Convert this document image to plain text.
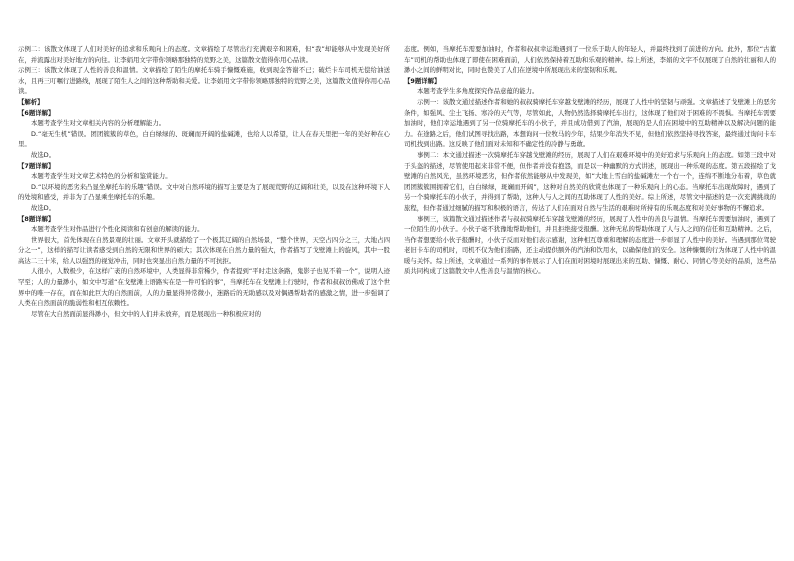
示例二：该散文体现了人们对美好的追求和乐观向上的态度。文章描绘了尽管出行充满艰辛和困难，但“我”却能够从中发现美好所在，并流露出对美好地方的向往。让李娟用文字带你领略那独特的荒野之美，这篇散文值得你用心品读。

示例三：该散文体现了人性的善良和温情。文章描绘了陌生的摩托车骑手慷慨难施，收到现金答谢不已；破烂卡车司机无偿给油送水，且再三叮嘱行进路线，展现了陌生人之间的这种帮助和关爱。让李娟用文字带你领略那独特的荒野之美，这篇散文值得你用心品读。

【解析】

【6题详解】

本题考查学生对文章相关内容的分析理解能力。

D.“毫无生机”错误。团团簇簇的草色，白白绿绿的、斑斓而开阔的盐碱滩，也给人以希望，让人在春天里把一年的美好种在心里。

故选D。

【7题详解】

本题考查学生对文章艺术特色的分析和鉴赏能力。

D.“以环境的恶劣来凸显坐摩托车的乐趣”错误。文中对自然环境的描写主要是为了展现荒野的辽阔和壮美，以及在这种环境下人的处境和感受，并非为了凸显乘坐摩托车的乐趣。

故选D。

【8题详解】

本题考查学生对作品进行个性化阅读和有创意的解读的能力。

世界很大，首先体现在自然景观的壮丽。文章开头就描绘了一个极其辽阔的自然场景，“整个世界，天空占四分之三，大地占四分之一”，这样的描写让读者感受到自然的无限和世界的硕大；其次体现在自然力量的强大，作者描写了戈壁滩上的旋风，其中一股高达二三十米，给人以强烈的视觉冲击，同时也突显出自然力量的不可抗拒。

人很小，人数极少，在这样广袤的自然环境中，人类显得非常稀少，作者提到“平时走这条路，鬼影子也见不着一个”，说明人迹罕至；人的力量渺小，如文中写道“在戈壁滩上语路实在是一件可怕的事”，当摩托车在戈壁滩上行驶时，作者和叔叔彷佛成了这个世界中的唯一存在，而在如此巨大的自然面前，人的力量显得异常微小，迷路后的无助感以及对偶遇帮助者的感激之情，进一步强调了人类在自然面前的脆弱性和相互依赖性。

尽管在大自然面前显得渺小，但文中的人们并未放弃，而是展现出一种积极应对的

态度。例如，当摩托车需要加油时，作者和叔叔幸运地遇到了一位乐于助人的年轻人，并最终找到了前进的方向。此外，那位“古董车”司机的帮助也体现了即使在困难面前，人们依然保持着互助和乐观的精神。综上所述，李娟的文字不仅展现了自然的壮丽和人的渺小之间的鲜明对比，同时也赞美了人们在逆境中所展现出来的坚韧和乐观。

【9题详解】

本题考查学生多角度探究作品意蕴的能力。

示例一：该散文通过描述作者和她的叔叔骑摩托车穿越戈壁滩的经历，展现了人性中的坚韧与顽强。文章描述了戈壁滩上的恶劣条件，如强风、尘土飞扬、寒冷的天气等，尽管如此，人物仍然选择骑摩托车出行，这体现了他们对于困难的不畏惧。当摩托车需要加油时，他们幸运地遇到了另一位骑摩托车的小伙子，并且成功借到了汽油，展现的是人们在困境中的互助精神以及解决问题的能力。在途路之后，他们试图寻找出路，本想询问一位牧马的少年，结果少年消失不见，但他们依然坚持寻找答案，最终通过询问卡车司机找到出路。这反映了他们面对未知和不确定性的冷静与勇敢。

事例二：本文通过描述一次骑摩托车穿越戈壁滩的经历，展现了人们在艰难环境中的美好追求与乐观向上的态度。如第三段中对于头盔的描述，尽管使用起来非常不便，但作者并没有抱怨，而是以一种幽默的方式讲述，展现出一种乐观的态度。第五段描绘了戈壁滩的自然风光，虽然环境恶劣，但作者依然能够从中发现美，如“大地上雪白的盐碱滩左一个右一个，连绵不断地分布着，草色就团团簇簇围拥着它们，白白绿绿，斑斓而开阔”，这种对自然美的欣赏也体现了一种乐观向上的心态。当摩托车出现故障时，遇到了另一个骑摩托车的小伙子，并得到了帮助，这种人与人之间的互助体现了人性的美好。综上所述，尽管文中描述的是一次充满挑战的旅程，但作者通过细腻的描写和积极的语言，传达了人们在面对自然与生活的艰难时所持有的乐观态度和对美好事物的不懈追求。

事例三，该篇散文通过描述作者与叔叔骑摩托车穿越戈壁滩的经历，展现了人性中的善良与温情。当摩托车需要加油时，遇到了一位陌生的小伙子。小伙子毫不犹豫地帮助他们，并且拒绝接受报酬。这种无私的帮助体现了人与人之间的信任和互助精神。之后，当作者想要给小伙子报酬时，小伙子反而对他们表示感谢，这种相互尊重和理解的态度进一步彰显了人性中的美好。当遇到那位驾驶老旧卡车的司机时，司机不仅为他们指路，还主动提供额外的汽油和饮用水，以确保他们的安全。这种慷慨的行为体现了人性中的温暖与关怀。综上所述，文章通过一系列的事件展示了人们在面对困境时展现出来的互助、慷慨、耐心、同情心等美好的品质，这些品质共同构成了这篇散文中人性善良与温情的核心。
